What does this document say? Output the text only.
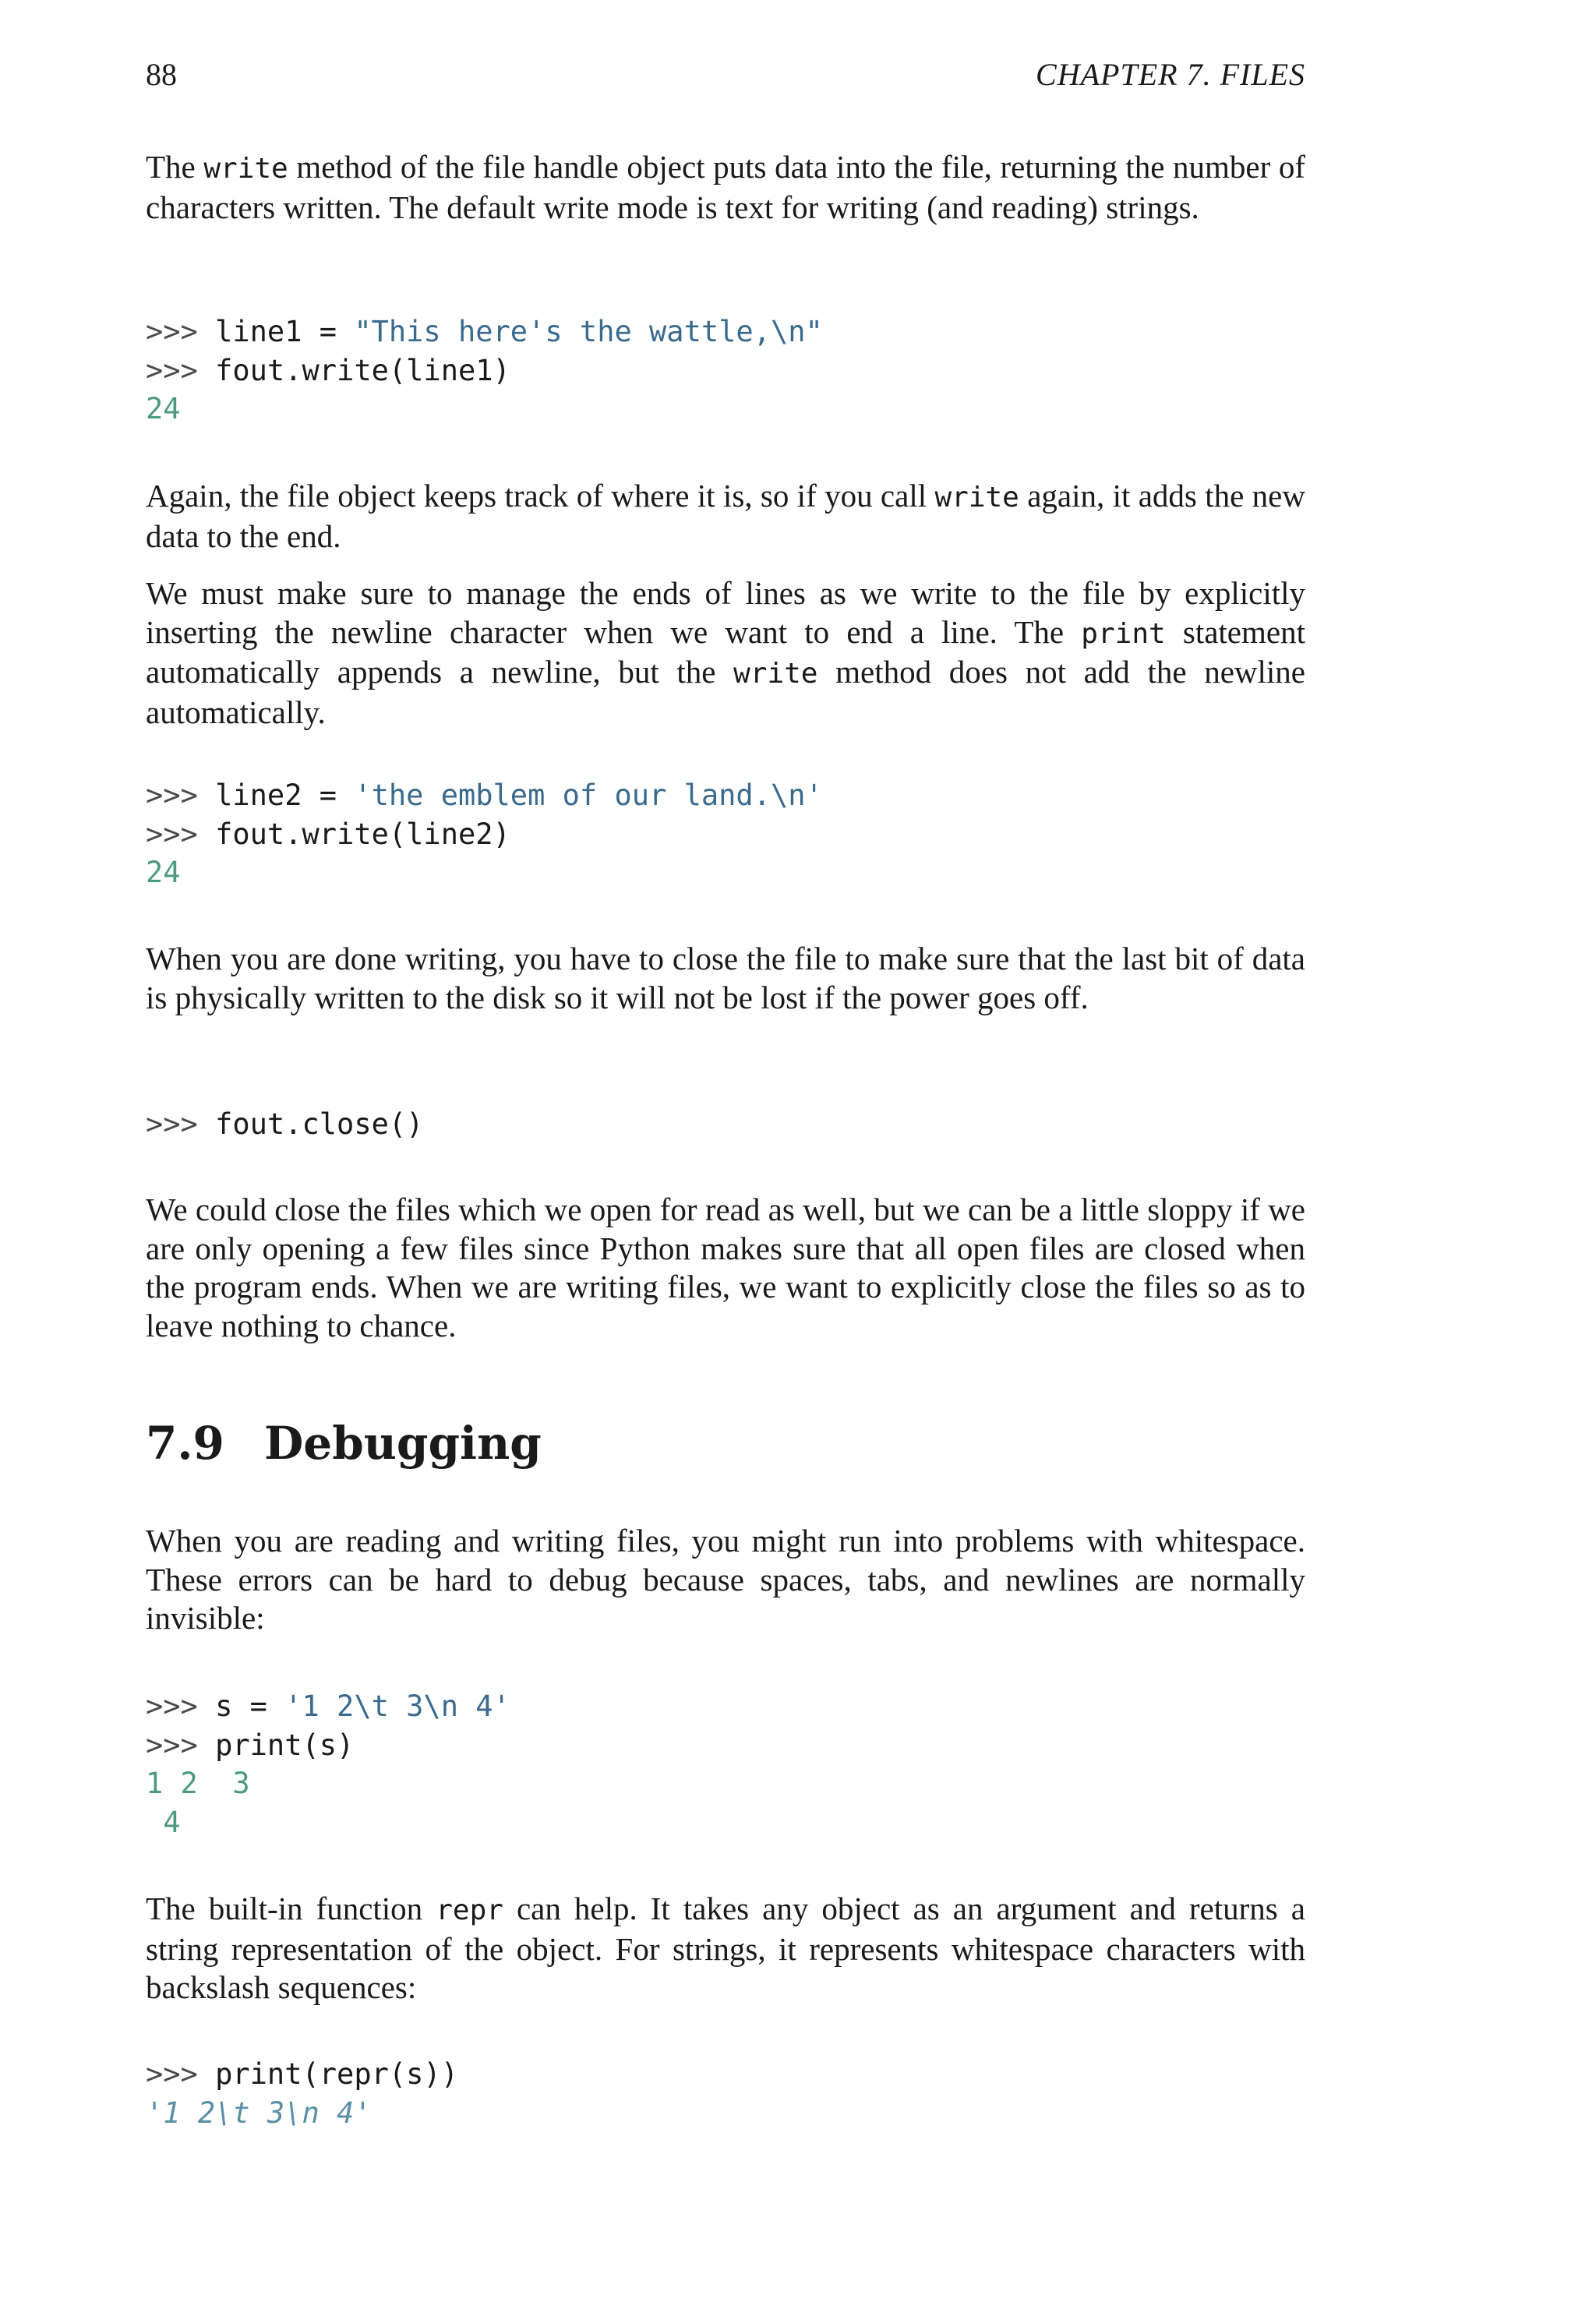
88	CHAPTER 7. FILES

The write method of the file handle object puts data into the file, returning the number of characters written. The default write mode is text for writing (and reading) strings.

>>> line1 = "This here's the wattle,\n"
>>> fout.write(line1)
24

Again, the file object keeps track of where it is, so if you call write again, it adds the new data to the end.

We must make sure to manage the ends of lines as we write to the file by explicitly inserting the newline character when we want to end a line. The print statement automatically appends a newline, but the write method does not add the newline automatically.

>>> line2 = 'the emblem of our land.\n'
>>> fout.write(line2)
24

When you are done writing, you have to close the file to make sure that the last bit of data is physically written to the disk so it will not be lost if the power goes off.

>>> fout.close()

We could close the files which we open for read as well, but we can be a little sloppy if we are only opening a few files since Python makes sure that all open files are closed when the program ends. When we are writing files, we want to explicitly close the files so as to leave nothing to chance.

7.9 Debugging

When you are reading and writing files, you might run into problems with whitespace. These errors can be hard to debug because spaces, tabs, and newlines are normally invisible:

>>> s = '1 2\t 3\n 4'
>>> print(s)
1 2  3
4

The built-in function repr can help. It takes any object as an argument and returns a string representation of the object. For strings, it represents whitespace characters with backslash sequences:

>>> print(repr(s))
'1 2\t 3\n 4'
